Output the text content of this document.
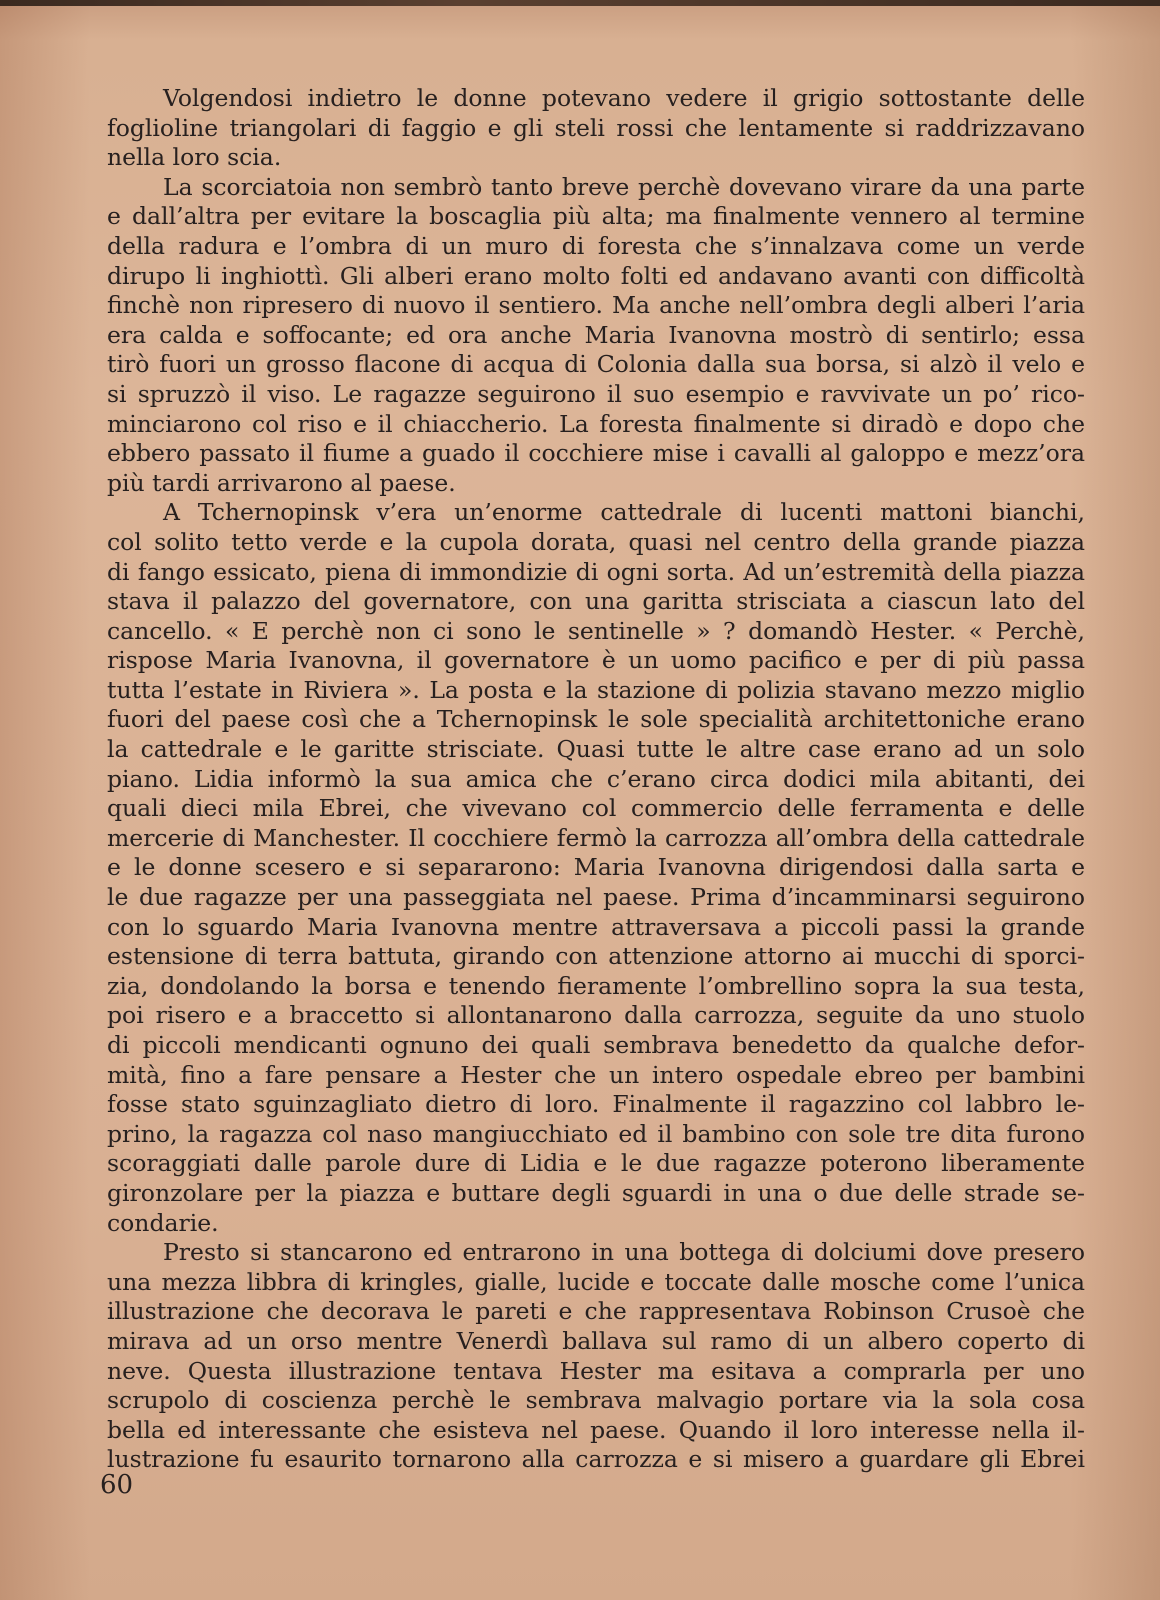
Volgendosi indietro le donne potevano vedere il grigio sottostante delle
foglioline triangolari di faggio e gli steli rossi che lentamente si raddrizzavano
nella loro scia.
La scorciatoia non sembrò tanto breve perchè dovevano virare da una parte
e dall’altra per evitare la boscaglia più alta; ma finalmente vennero al termine
della radura e l’ombra di un muro di foresta che s’innalzava come un verde
dirupo li inghiottì. Gli alberi erano molto folti ed andavano avanti con difficoltà
finchè non ripresero di nuovo il sentiero. Ma anche nell’ombra degli alberi l’aria
era calda e soffocante; ed ora anche Maria Ivanovna mostrò di sentirlo; essa
tirò fuori un grosso flacone di acqua di Colonia dalla sua borsa, si alzò il velo e
si spruzzò il viso. Le ragazze seguirono il suo esempio e ravvivate un po’ rico-
minciarono col riso e il chiaccherio. La foresta finalmente si diradò e dopo che
ebbero passato il fiume a guado il cocchiere mise i cavalli al galoppo e mezz’ora
più tardi arrivarono al paese.
A Tchernopinsk v’era un’enorme cattedrale di lucenti mattoni bianchi,
col solito tetto verde e la cupola dorata, quasi nel centro della grande piazza
di fango essicato, piena di immondizie di ogni sorta. Ad un’estremità della piazza
stava il palazzo del governatore, con una garitta strisciata a ciascun lato del
cancello. « E perchè non ci sono le sentinelle » ? domandò Hester. « Perchè,
rispose Maria Ivanovna, il governatore è un uomo pacifico e per di più passa
tutta l’estate in Riviera ». La posta e la stazione di polizia stavano mezzo miglio
fuori del paese così che a Tchernopinsk le sole specialità architettoniche erano
la cattedrale e le garitte strisciate. Quasi tutte le altre case erano ad un solo
piano. Lidia informò la sua amica che c’erano circa dodici mila abitanti, dei
quali dieci mila Ebrei, che vivevano col commercio delle ferramenta e delle
mercerie di Manchester. Il cocchiere fermò la carrozza all’ombra della cattedrale
e le donne scesero e si separarono: Maria Ivanovna dirigendosi dalla sarta e
le due ragazze per una passeggiata nel paese. Prima d’incamminarsi seguirono
con lo sguardo Maria Ivanovna mentre attraversava a piccoli passi la grande
estensione di terra battuta, girando con attenzione attorno ai mucchi di sporci-
zia, dondolando la borsa e tenendo fieramente l’ombrellino sopra la sua testa,
poi risero e a braccetto si allontanarono dalla carrozza, seguite da uno stuolo
di piccoli mendicanti ognuno dei quali sembrava benedetto da qualche defor-
mità, fino a fare pensare a Hester che un intero ospedale ebreo per bambini
fosse stato sguinzagliato dietro di loro. Finalmente il ragazzino col labbro le-
prino, la ragazza col naso mangiucchiato ed il bambino con sole tre dita furono
scoraggiati dalle parole dure di Lidia e le due ragazze poterono liberamente
gironzolare per la piazza e buttare degli sguardi in una o due delle strade se-
condarie.
Presto si stancarono ed entrarono in una bottega di dolciumi dove presero
una mezza libbra di kringles, gialle, lucide e toccate dalle mosche come l’unica
illustrazione che decorava le pareti e che rappresentava Robinson Crusoè che
mirava ad un orso mentre Venerdì ballava sul ramo di un albero coperto di
neve. Questa illustrazione tentava Hester ma esitava a comprarla per uno
scrupolo di coscienza perchè le sembrava malvagio portare via la sola cosa
bella ed interessante che esisteva nel paese. Quando il loro interesse nella il-
lustrazione fu esaurito tornarono alla carrozza e si misero a guardare gli Ebrei
60
